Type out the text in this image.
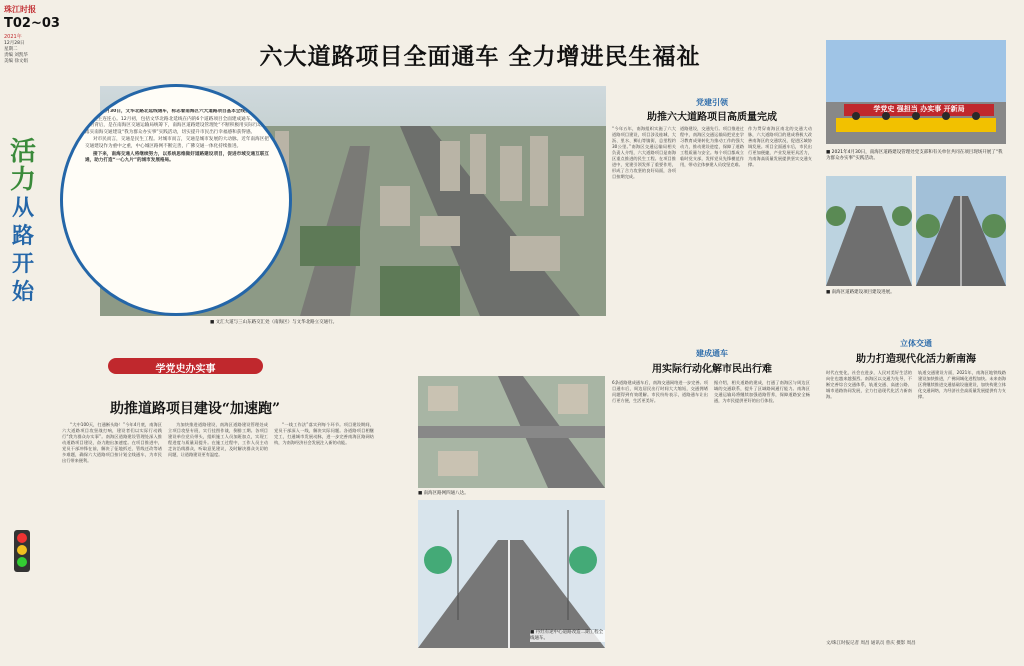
珠江时报
T02~03
2021年
12月28日
星期二
责编 刘凯华
美编 徐文娟
活
力
从
路
开
始
六大道路项目全面通车 全力增进民生福祉

今年6月30日，文华北路北延线通车，标志着南海区六大道路项目基本全线贯通。

民生连连心。12月初，包括文华北路北延线在内的6个道路项目全面建成通车。道路通车的背后，是在南海区交通运输局统筹下，南海区道路建设管理处“不断积极用实际行动”，落实南海交通建设“我为群众办实事”实践活动，切实提升市民出行幸福感和获得感。

对市民而言，交通是民生工程。对城市而言，交通是城市发展的大动脉。近年南海区把交通建设作为重中之重，中心城区路网不断完善，广佛交通一体化持续推进。

接下来，南海交通人将继续努力，以系统思维做好道路建设项目，促进市域交通互联互通，助力打造“一心九片”的城市发展格局。

■ 文汇大道与三山东路交汇处（南海区）与文华北路立交通行。
学党史办实事
助推道路项目建设“加速跑”
“大中100天，打通断头路！”今年4月底，南海区六大道路项目攻坚战打响，建设者们以实际行动践行“我为群众办实事”。南海区道路建设管理处深入推动道路项目建设，奋力跑出加速度。在项目推进中，党员干部冲锋在前，解决了征地拆迁、管线迁改等诸多难题，确保六大道路项目按计划全线通车，为市民出行带来便利。
为加快推进道路建设，南海区道路建设管理处成立项目攻坚专班，实行挂图作战，倒排工期。各项目建设单位党员带头，组织施工人员加班加点，实现工程进度与质量双提升。在施工过程中，工作人员主动走访沿线群众，听取意见建议，及时解决群众关切的问题，让道路建设更有温度。
“一线工作法”落实到每个环节。项目建设期间，党员干部深入一线，解决实际问题。各道路项目相继完工，打通城市发展动脉，进一步完善南海区路网结构，为南海经济社会发展注入新的动能。
党建引领
助推六大道路项目高质量完成
“今年五年，南海组织实施了六大道路项目建设，项目涉及桂城、大沥、里水、狮山等镇街，总里程约30公里。”南海区交通运输局相关负责人介绍，六大道路项目是南海区重点推进的民生工程。在项目推进中，党建引领发挥了重要作用，形成了合力攻坚的良好局面，各项目按期完成。
道路建设，交通先行。项目推进过程中，南海区交通运输局把党史学习教育成果转化为推动工作的强大动力，推动建设进度，保障了道路工程质量与安全。每个项目都成立临时党支部，发挥党员先锋模范作用，带动全体参建人员攻坚克难。
作为贯穿南海区南北的交通大动脉，六大道路项目的建成将极大改善南海区的交通状况，促进区域协调发展。项目全面通车后，市民出行更加便捷，产业发展更具活力，为南海高质量发展提供坚实交通支撑。
建成通车
用实际行动化解市民出行难
6条道路建成通车后，南海交通网络进一步完善。项目通车后，周边居民出行时间大大缩短，交通拥堵问题得到有效缓解。市民纷纷表示，道路通车让出行更方便，生活更美好。
据介绍，相关道路的建成，打通了南海区与周边区域的交通联系，提升了区域路网通行能力。南海区交通运输局将继续加强道路管养，保障道路安全畅通，为市民提供更好的出行体验。
■ 南海区路网四通八达。
■ 丹灶有途中心道路改造二期工程全线通车。
学党史 强担当 办实事 开新局
■ 2021年4月30日，南海区道路建设管理处党支部和有关单位共同在项目现场开展了“我为群众办实事”实践活动。
■ 南海区道路建设项目建设进展。
立体交通
助力打造现代化活力新南海
时代在变化，社会在进步，人民对美好生活的向往也越来越强烈。南海区以交通为先导，不断完善综合交通体系，轨道交通、高速公路、城市道路协同发展，全力打造现代化活力新南海。
轨道交通建设方面，2021年，南海区地铁线路建设加快推进，广佛同城化进程加快。未来南海区将继续推进交通基础设施建设，加快构建立体化交通网络，为经济社会高质量发展提供有力支撑。
文/珠江时报记者 周昌 通讯员 曾庆 摄影 周昌
